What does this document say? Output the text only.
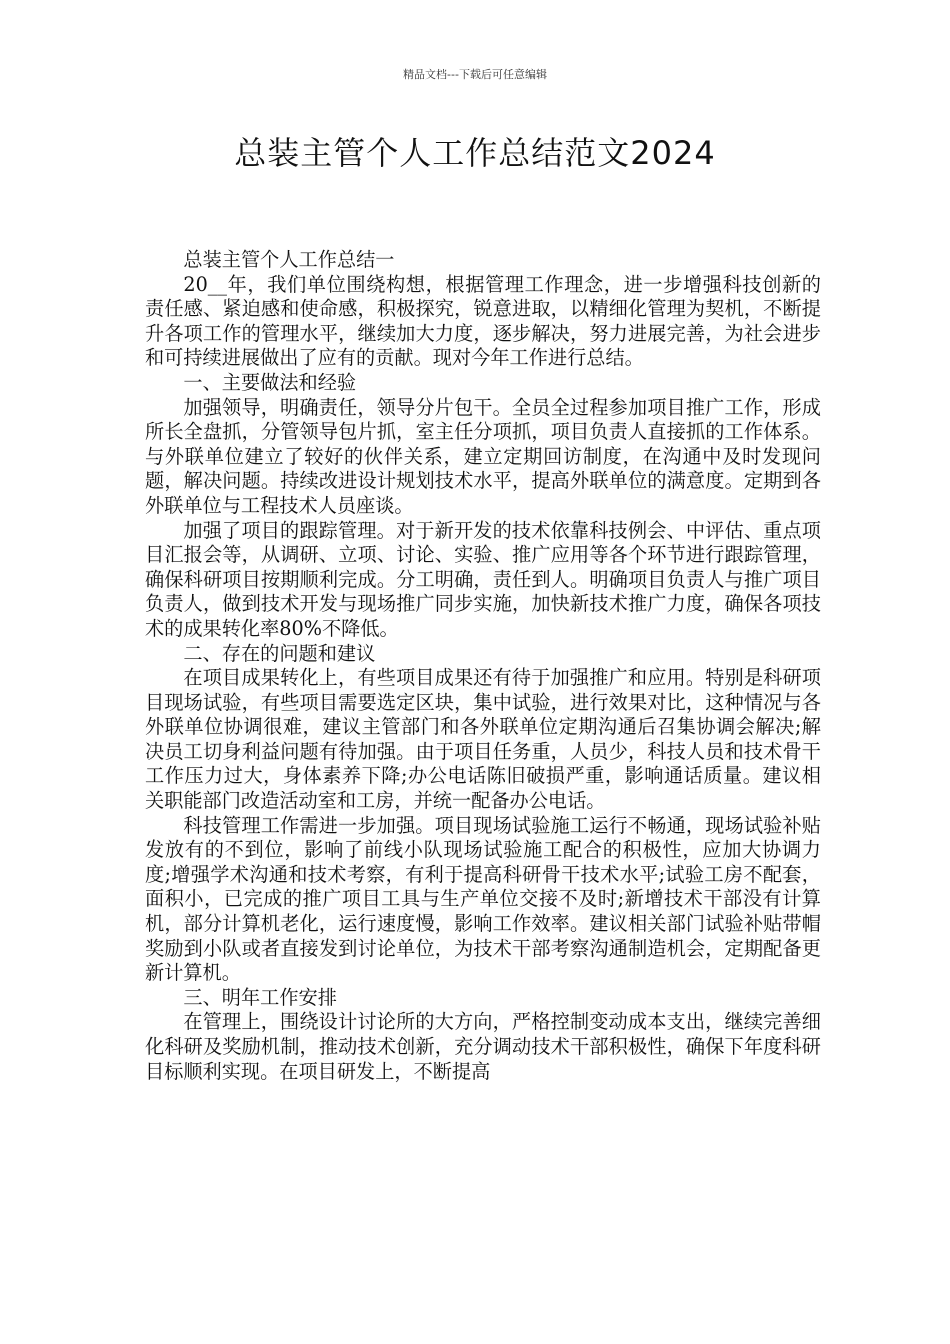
精品文档---下载后可任意编辑
总装主管个人工作总结范文2024

总装主管个人工作总结一

20__年，我们单位围绕构想，根据管理工作理念，进一步增强科技创新的责任感、紧迫感和使命感，积极探究，锐意进取，以精细化管理为契机，不断提升各项工作的管理水平，继续加大力度，逐步解决，努力进展完善，为社会进步和可持续进展做出了应有的贡献。现对今年工作进行总结。

一、主要做法和经验

加强领导，明确责任，领导分片包干。全员全过程参加项目推广工作，形成所长全盘抓，分管领导包片抓，室主任分项抓，项目负责人直接抓的工作体系。与外联单位建立了较好的伙伴关系，建立定期回访制度，在沟通中及时发现问题，解决问题。持续改进设计规划技术水平，提高外联单位的满意度。定期到各外联单位与工程技术人员座谈。

加强了项目的跟踪管理。对于新开发的技术依靠科技例会、中评估、重点项目汇报会等，从调研、立项、讨论、实验、推广应用等各个环节进行跟踪管理，确保科研项目按期顺利完成。分工明确，责任到人。明确项目负责人与推广项目负责人，做到技术开发与现场推广同步实施，加快新技术推广力度，确保各项技术的成果转化率80%不降低。

二、存在的问题和建议

在项目成果转化上，有些项目成果还有待于加强推广和应用。特别是科研项目现场试验，有些项目需要选定区块，集中试验，进行效果对比，这种情况与各外联单位协调很难，建议主管部门和各外联单位定期沟通后召集协调会解决;解决员工切身利益问题有待加强。由于项目任务重，人员少，科技人员和技术骨干工作压力过大，身体素养下降;办公电话陈旧破损严重，影响通话质量。建议相关职能部门改造活动室和工房，并统一配备办公电话。

科技管理工作需进一步加强。项目现场试验施工运行不畅通，现场试验补贴发放有的不到位，影响了前线小队现场试验施工配合的积极性，应加大协调力度;增强学术沟通和技术考察，有利于提高科研骨干技术水平;试验工房不配套，面积小，已完成的推广项目工具与生产单位交接不及时;新增技术干部没有计算机，部分计算机老化，运行速度慢，影响工作效率。建议相关部门试验补贴带帽奖励到小队或者直接发到讨论单位，为技术干部考察沟通制造机会，定期配备更新计算机。

三、明年工作安排

在管理上，围绕设计讨论所的大方向，严格控制变动成本支出，继续完善细化科研及奖励机制，推动技术创新，充分调动技术干部积极性，确保下年度科研目标顺利实现。在项目研发上，不断提高
